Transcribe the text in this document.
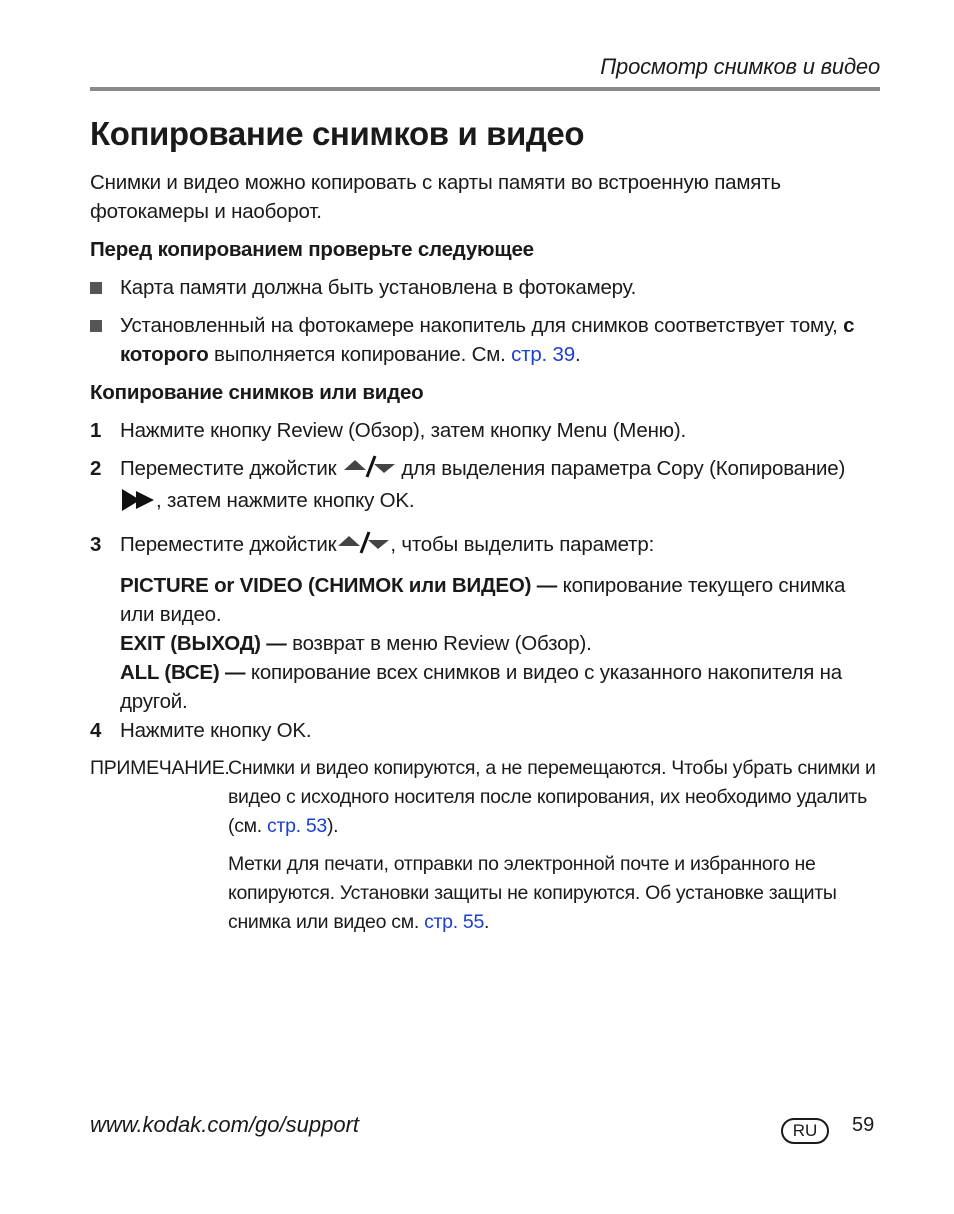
Просмотр снимков и видео
Копирование снимков и видео

Снимки и видео можно копировать с карты памяти во встроенную память фотокамеры и наоборот.

Перед копированием проверьте следующее

Карта памяти должна быть установлена в фотокамеру.
Установленный на фотокамере накопитель для снимков соответствует тому, с которого выполняется копирование. См. стр. 39.

Копирование снимков или видео

1 Нажмите кнопку Review (Обзор), затем кнопку Menu (Меню).
2 Переместите джойстик	для выделения параметра Copy (Копирование) , затем нажмите кнопку OK.
3 Переместите джойстик	, чтобы выделить параметр:

PICTURE or VIDEO (СНИМОК или ВИДЕО) — копирование текущего снимка или видео.

EXIT (ВЫХОД) — возврат в меню Review (Обзор).

ALL (ВСЕ) — копирование всех снимков и видео с указанного накопителя на другой.

4 Нажмите кнопку OK.
ПРИМЕЧАНИЕ.

Снимки и видео копируются, а не перемещаются. Чтобы убрать снимки и видео с исходного носителя после копирования, их необходимо удалить (см. стр. 53).

Метки для печати, отправки по электронной почте и избранного не копируются. Установки защиты не копируются. Об установке защиты снимка или видео см. стр. 55.

www.kodak.com/go/support	RU	59
